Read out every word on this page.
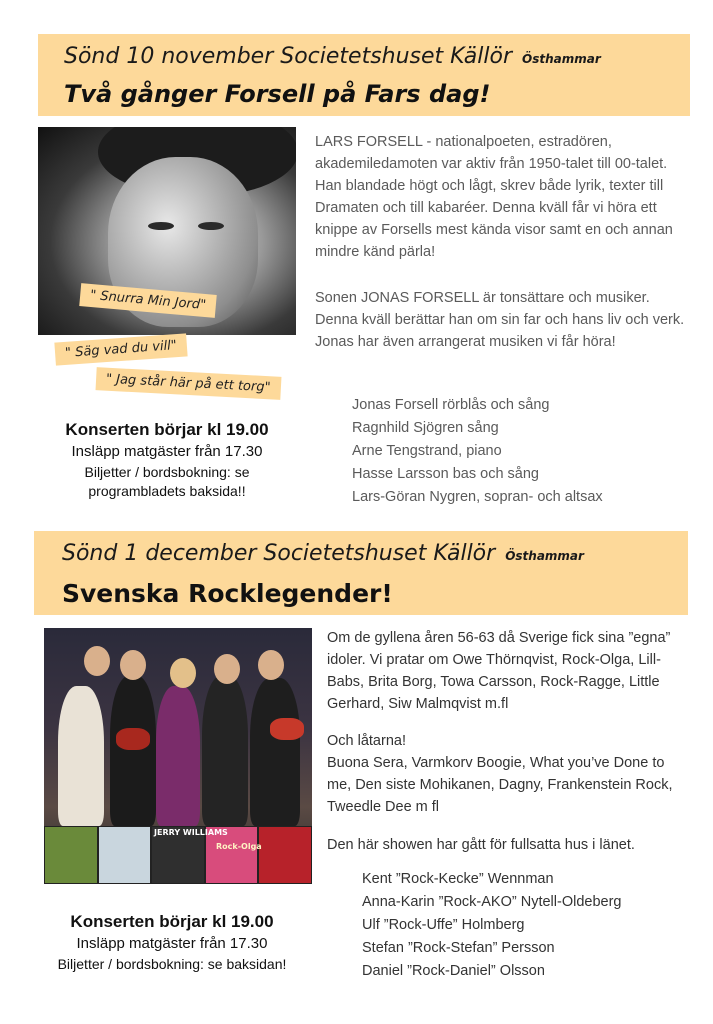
Sönd 10 november Societetshuset Källör Östhammar
Två gånger Forsell på Fars dag!
" Snurra Min Jord"
" Säg vad du vill"
" Jag står här på ett torg"
Konserten börjar kl 19.00
Insläpp matgäster från 17.30
Biljetter / bordsbokning: se programbladets baksida!!
LARS FORSELL - nationalpoeten, estradören, akademiledamoten var aktiv från 1950-talet till 00-talet. Han blandade högt och lågt, skrev både lyrik, texter till Dramaten och till kabaréer. Denna kväll får vi höra ett knippe av Forsells mest kända visor samt en och annan mindre känd pärla!
Sonen JONAS FORSELL är tonsättare och musiker. Denna kväll berättar han om sin far och hans liv och verk. Jonas har även arrangerat musiken vi får höra!
Jonas Forsell rörblås och sång
Ragnhild Sjögren sång
Arne Tengstrand, piano
Hasse Larsson bas och sång
Lars-Göran Nygren, sopran- och altsax
Sönd 1 december Societetshuset Källör Östhammar
Svenska Rocklegender!
JERRY WILLIAMS
Rock-Olga
Om de gyllena åren 56-63 då Sverige fick sina ”egna” idoler. Vi pratar om Owe Thörnqvist, Rock-Olga, Lill-Babs, Brita Borg, Towa Carsson, Rock-Ragge, Little Gerhard, Siw Malmqvist m.fl
Och låtarna!
Buona Sera, Varmkorv Boogie, What you’ve Done to me, Den siste Mohikanen, Dagny, Frankenstein Rock, Tweedle Dee m fl
Den här showen har gått för fullsatta hus i länet.
Kent ”Rock-Kecke” Wennman
Anna-Karin ”Rock-AKO” Nytell-Oldeberg
Ulf ”Rock-Uffe” Holmberg
Stefan ”Rock-Stefan” Persson
Daniel ”Rock-Daniel” Olsson
Konserten börjar kl 19.00
Insläpp matgäster från 17.30
Biljetter / bordsbokning: se baksidan!
